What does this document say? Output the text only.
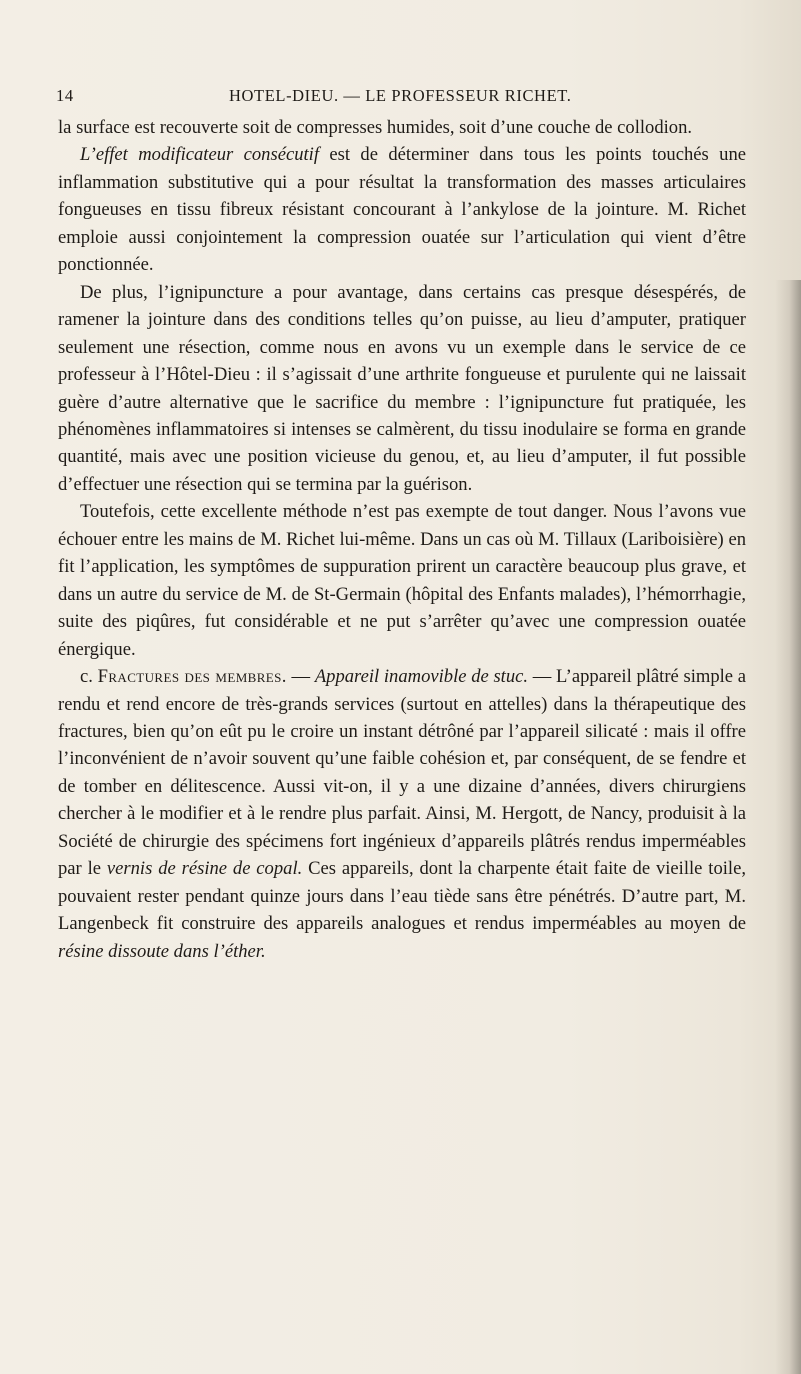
14	HOTEL-DIEU. — LE PROFESSEUR RICHET.

la surface est recouverte soit de compresses humides, soit d’une couche de collodion.

L’effet modificateur consécutif est de déterminer dans tous les points touchés une inflammation substitutive qui a pour résultat la transformation des masses articulaires fongueuses en tissu fibreux résistant concourant à l’ankylose de la jointure. M. Richet emploie aussi conjointement la compression ouatée sur l’articulation qui vient d’être ponctionnée.

De plus, l’ignipuncture a pour avantage, dans certains cas presque désespérés, de ramener la jointure dans des conditions telles qu’on puisse, au lieu d’amputer, pratiquer seulement une résection, comme nous en avons vu un exemple dans le service de ce professeur à l’Hôtel-Dieu : il s’agissait d’une arthrite fongueuse et purulente qui ne laissait guère d’autre alternative que le sacrifice du membre : l’ignipuncture fut pratiquée, les phénomènes inflammatoires si intenses se calmèrent, du tissu inodulaire se forma en grande quantité, mais avec une position vicieuse du genou, et, au lieu d’amputer, il fut possible d’effectuer une résection qui se termina par la guérison.

Toutefois, cette excellente méthode n’est pas exempte de tout danger. Nous l’avons vue échouer entre les mains de M. Richet lui-même. Dans un cas où M. Tillaux (Lariboisière) en fit l’application, les symptômes de suppuration prirent un caractère beaucoup plus grave, et dans un autre du service de M. de St-Germain (hôpital des Enfants malades), l’hémorrhagie, suite des piqûres, fut considérable et ne put s’arrêter qu’avec une compression ouatée énergique.

c. Fractures des membres. — Appareil inamovible de stuc. — L’appareil plâtré simple a rendu et rend encore de très-grands services (surtout en attelles) dans la thérapeutique des fractures, bien qu’on eût pu le croire un instant détrôné par l’appareil silicaté : mais il offre l’inconvénient de n’avoir souvent qu’une faible cohésion et, par conséquent, de se fendre et de tomber en délitescence. Aussi vit-on, il y a une dizaine d’années, divers chirurgiens chercher à le modifier et à le rendre plus parfait. Ainsi, M. Hergott, de Nancy, produisit à la Société de chirurgie des spécimens fort ingénieux d’appareils plâtrés rendus imperméables par le vernis de résine de copal. Ces appareils, dont la charpente était faite de vieille toile, pouvaient rester pendant quinze jours dans l’eau tiède sans être pénétrés. D’autre part, M. Langenbeck fit construire des appareils analogues et rendus imperméables au moyen de résine dissoute dans l’éther.
